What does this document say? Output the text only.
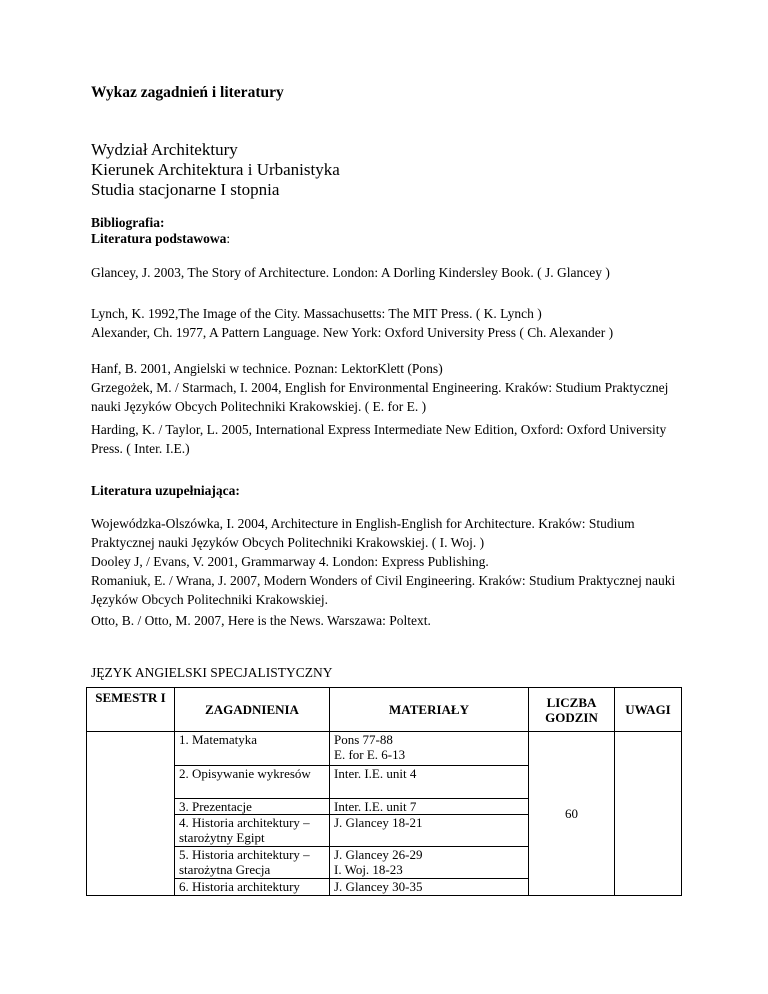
Wykaz zagadnień i literatury
Wydział Architektury
Kierunek Architektura i Urbanistyka
Studia stacjonarne I stopnia
Bibliografia:
Literatura podstawowa:
Glancey, J. 2003, The Story of Architecture. London: A Dorling Kindersley Book. ( J. Glancey )
Lynch, K. 1992,The Image of the City. Massachusetts: The MIT Press. ( K. Lynch )
Alexander, Ch. 1977, A Pattern Language. New York: Oxford University Press ( Ch. Alexander )
Hanf, B. 2001, Angielski w technice. Poznan: LektorKlett (Pons)
Grzegożek, M. / Starmach, I. 2004, English for Environmental Engineering. Kraków: Studium Praktycznej nauki Języków Obcych Politechniki Krakowskiej. ( E. for E. )
Harding, K. / Taylor, L. 2005, International Express Intermediate New Edition, Oxford: Oxford University Press. ( Inter. I.E.)
Literatura uzupełniająca:
Wojewódzka-Olszówka, I. 2004, Architecture in English-English for Architecture. Kraków: Studium Praktycznej nauki Języków Obcych Politechniki Krakowskiej. ( I. Woj. )
Dooley J, / Evans, V. 2001, Grammarway 4. London: Express Publishing.
Romaniuk, E. / Wrana, J. 2007, Modern Wonders of Civil Engineering. Kraków: Studium Praktycznej nauki Języków Obcych Politechniki Krakowskiej.
Otto, B. / Otto, M. 2007, Here is the News. Warszawa: Poltext.
JĘZYK ANGIELSKI SPECJALISTYCZNY
SEMESTR I	ZAGADNIENIA	MATERIAŁY	LICZBA GODZIN	UWAGI
	1. Matematyka	Pons 77-88
E. for E. 6-13	60	
	2. Opisywanie wykresów	Inter. I.E. unit 4		
	3. Prezentacje	Inter. I.E. unit 7		
	4. Historia architektury – starożytny Egipt	J. Glancey 18-21		
	5. Historia architektury – starożytna Grecja	J. Glancey 26-29
I. Woj. 18-23		
	6. Historia architektury	J. Glancey 30-35		
